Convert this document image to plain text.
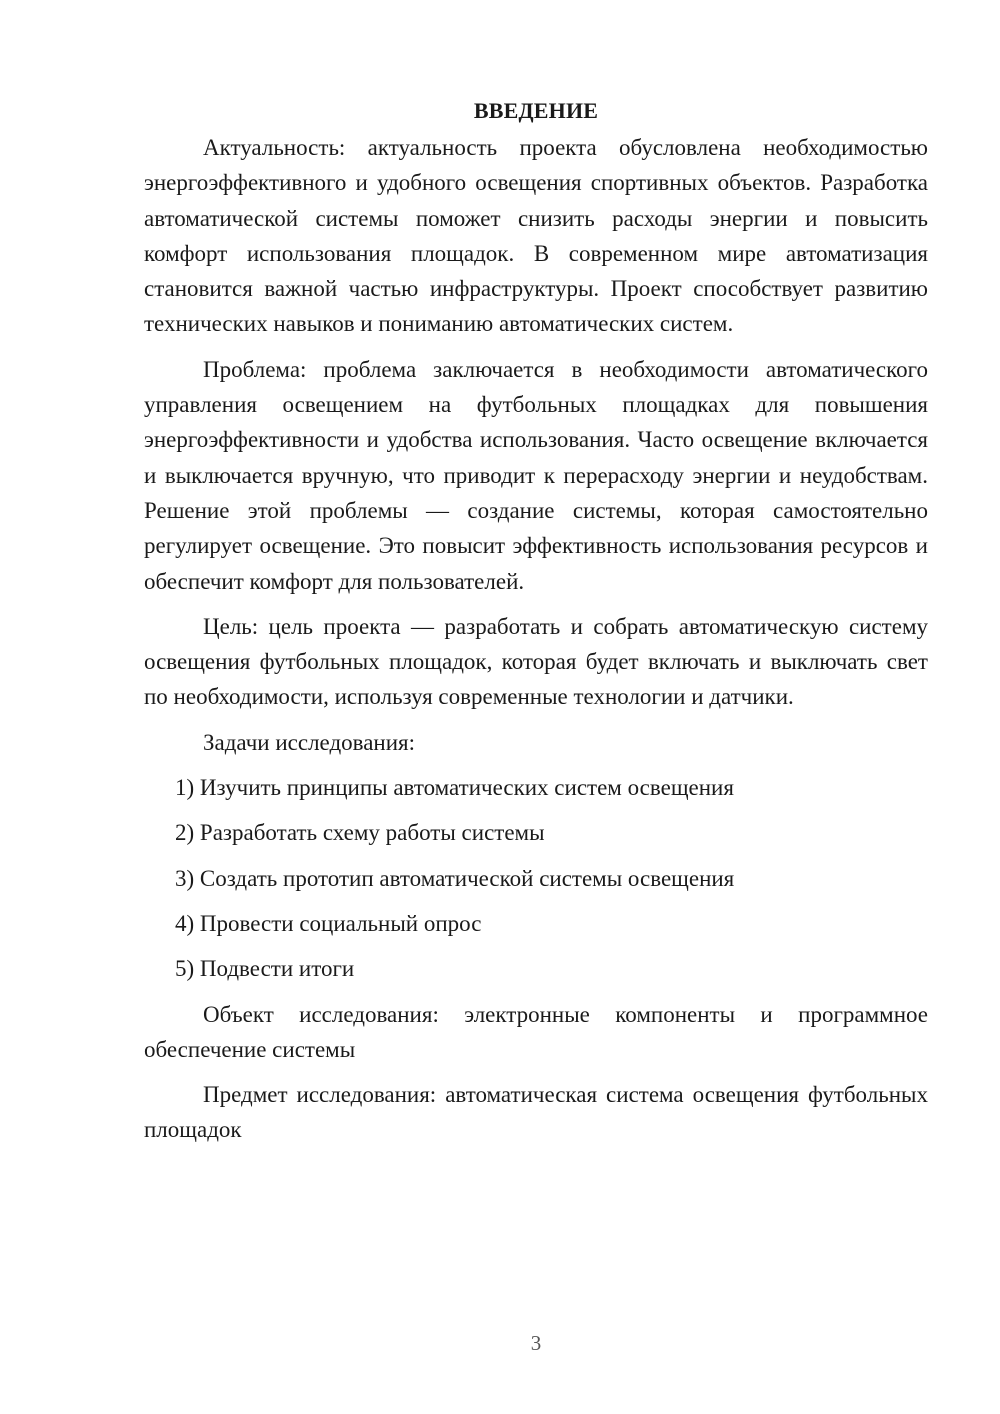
ВВЕДЕНИЕ

Актуальность: актуальность проекта обусловлена необходимостью энергоэффективного и удобного освещения спортивных объектов. Разработка автоматической системы поможет снизить расходы энергии и повысить комфорт использования площадок. В современном мире автоматизация становится важной частью инфраструктуры. Проект способствует развитию технических навыков и пониманию автоматических систем.

Проблема: проблема заключается в необходимости автоматического управления освещением на футбольных площадках для повышения энергоэффективности и удобства использования. Часто освещение включается и выключается вручную, что приводит к перерасходу энергии и неудобствам. Решение этой проблемы — создание системы, которая самостоятельно регулирует освещение. Это повысит эффективность использования ресурсов и обеспечит комфорт для пользователей.

Цель: цель проекта — разработать и собрать автоматическую систему освещения футбольных площадок, которая будет включать и выключать свет по необходимости, используя современные технологии и датчики.

Задачи исследования:

1) Изучить принципы автоматических систем освещения
2) Разработать схему работы системы
3) Создать прототип автоматической системы освещения
4) Провести социальный опрос
5) Подвести итоги

Объект исследования: электронные компоненты и программное обеспечение системы

Предмет исследования: автоматическая система освещения футбольных площадок

3
